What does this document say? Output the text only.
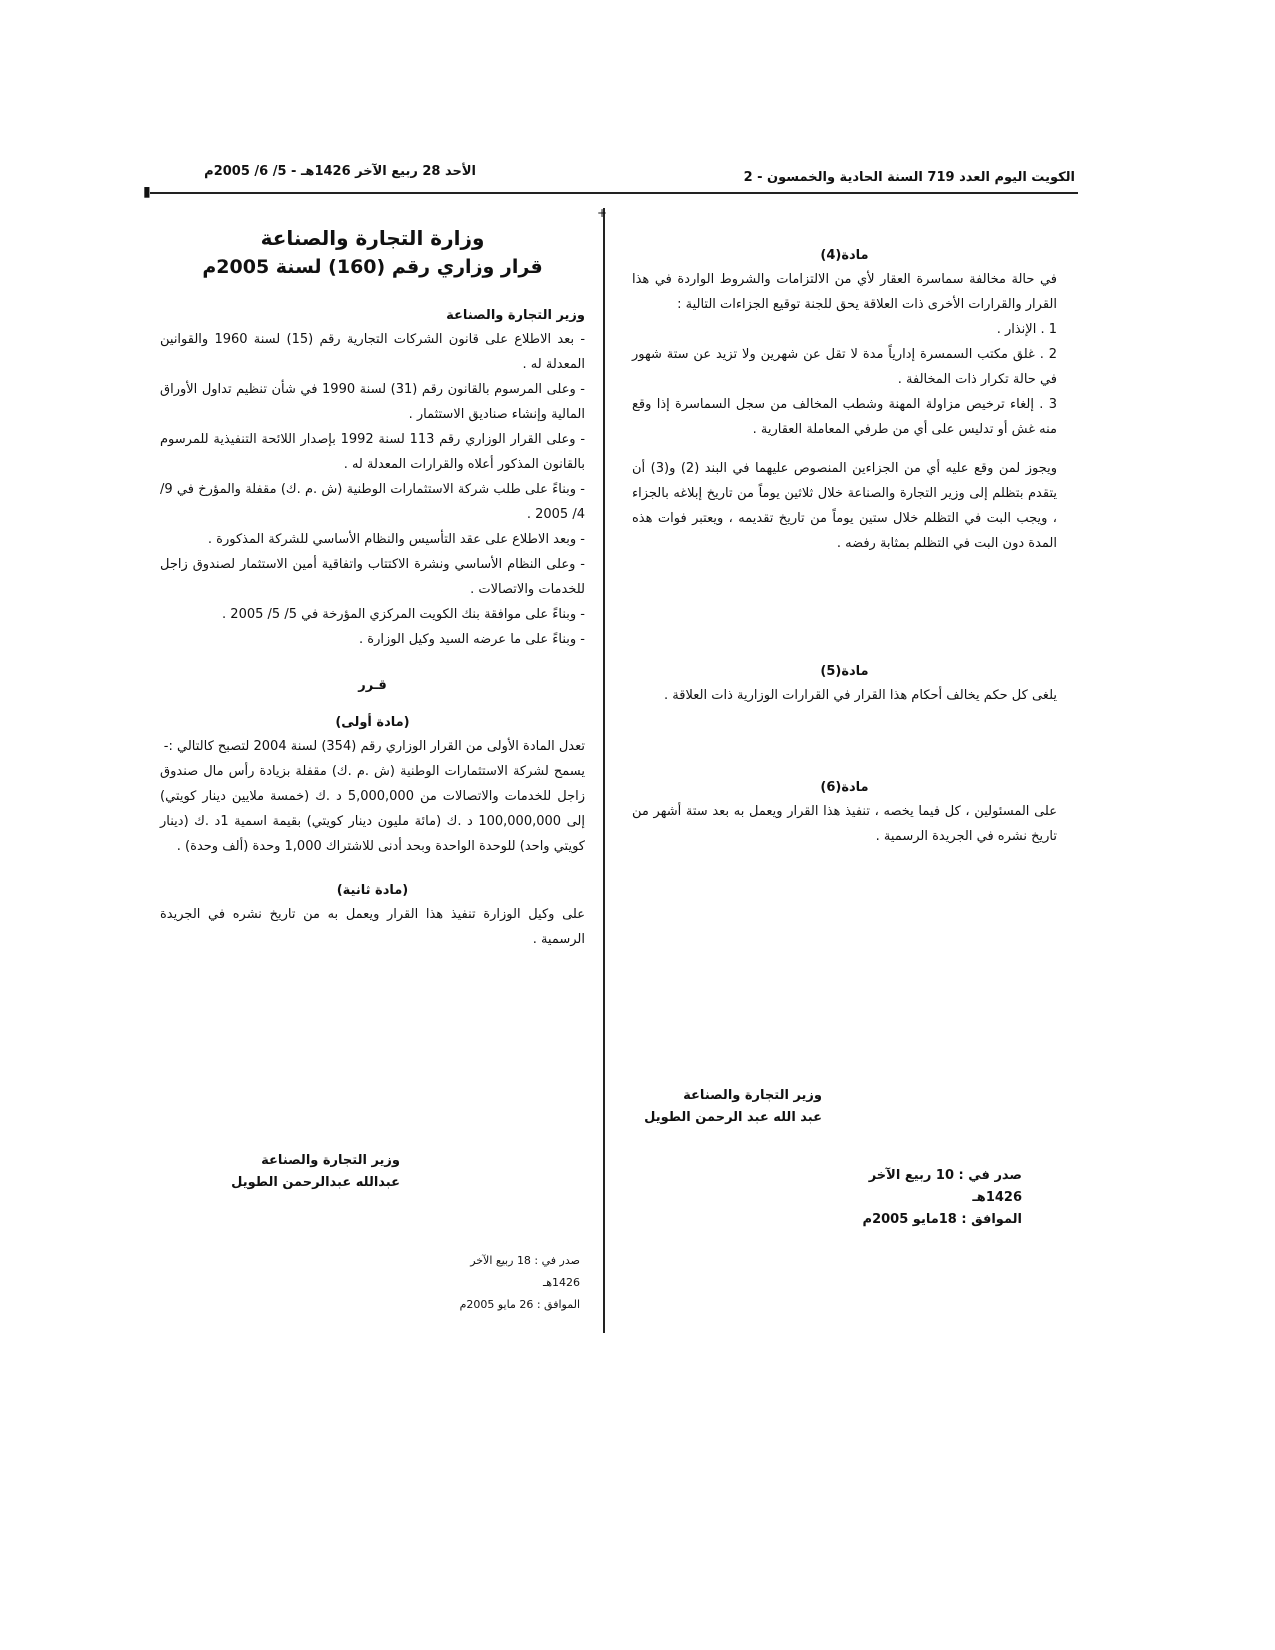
الأحد 28 ربيع الآخر 1426هـ - 5/ 6/ 2005م	الكويت اليوم العدد 719 السنة الحادية والخمسون - 2
▮
+
وزارة التجارة والصناعة
قرار وزاري رقم (160) لسنة 2005م
وزير التجارة والصناعة

- بعد الاطلاع على قانون الشركات التجارية رقم (15) لسنة 1960 والقوانين المعدلة له .

- وعلى المرسوم بالقانون رقم (31) لسنة 1990 في شأن تنظيم تداول الأوراق المالية وإنشاء صناديق الاستثمار .

- وعلى القرار الوزاري رقم 113 لسنة 1992 بإصدار اللائحة التنفيذية للمرسوم بالقانون المذكور أعلاه والقرارات المعدلة له .

- وبناءً على طلب شركة الاستثمارات الوطنية (ش .م .ك) مقفلة والمؤرخ في 9/ 4/ 2005 .

- وبعد الاطلاع على عقد التأسيس والنظام الأساسي للشركة المذكورة .

- وعلى النظام الأساسي ونشرة الاكتتاب واتفاقية أمين الاستثمار لصندوق زاجل للخدمات والاتصالات .

- وبناءً على موافقة بنك الكويت المركزي المؤرخة في 5/ 5/ 2005 .

- وبناءً على ما عرضه السيد وكيل الوزارة .

قـرر
(مادة أولى)

تعدل المادة الأولى من القرار الوزاري رقم (354) لسنة 2004 لتصبح كالتالي :-

يسمح لشركة الاستثمارات الوطنية (ش .م .ك) مقفلة بزيادة رأس مال صندوق زاجل للخدمات والاتصالات من 5,000,000 د .ك (خمسة ملايين دينار كويتي) إلى 100,000,000 د .ك (مائة مليون دينار كويتي) بقيمة اسمية 1د .ك (دينار كويتي واحد) للوحدة الواحدة وبحد أدنى للاشتراك 1,000 وحدة (ألف وحدة) .

(مادة ثانية)

على وكيل الوزارة تنفيذ هذا القرار ويعمل به من تاريخ نشره في الجريدة الرسمية .

وزير التجارة والصناعة
عبدالله عبدالرحمن الطويل
صدر في : 18 ربيع الآخر 1426هـ
الموافق : 26 مايو 2005م
مادة(4)

في حالة مخالفة سماسرة العقار لأي من الالتزامات والشروط الواردة في هذا القرار والقرارات الأخرى ذات العلاقة يحق للجنة توقيع الجزاءات التالية :

1 . الإنذار .

2 . غلق مكتب السمسرة إدارياً مدة لا تقل عن شهرين ولا تزيد عن ستة شهور في حالة تكرار ذات المخالفة .

3 . إلغاء ترخيص مزاولة المهنة وشطب المخالف من سجل السماسرة إذا وقع منه غش أو تدليس على أي من طرفي المعاملة العقارية .

ويجوز لمن وقع عليه أي من الجزاءين المنصوص عليهما في البند (2) و(3) أن يتقدم بتظلم إلى وزير التجارة والصناعة خلال ثلاثين يوماً من تاريخ إبلاغه بالجزاء ، ويجب البت في التظلم خلال ستين يوماً من تاريخ تقديمه ، ويعتبر فوات هذه المدة دون البت في التظلم بمثابة رفضه .

مادة(5)

يلغى كل حكم يخالف أحكام هذا القرار في القرارات الوزارية ذات العلاقة .

مادة(6)

على المسئولين ، كل فيما يخصه ، تنفيذ هذا القرار ويعمل به بعد ستة أشهر من تاريخ نشره في الجريدة الرسمية .

وزير التجارة والصناعة
عبد الله عبد الرحمن الطويل
صدر في : 10 ربيع الآخر 1426هـ
الموافق : 18مايو 2005م
